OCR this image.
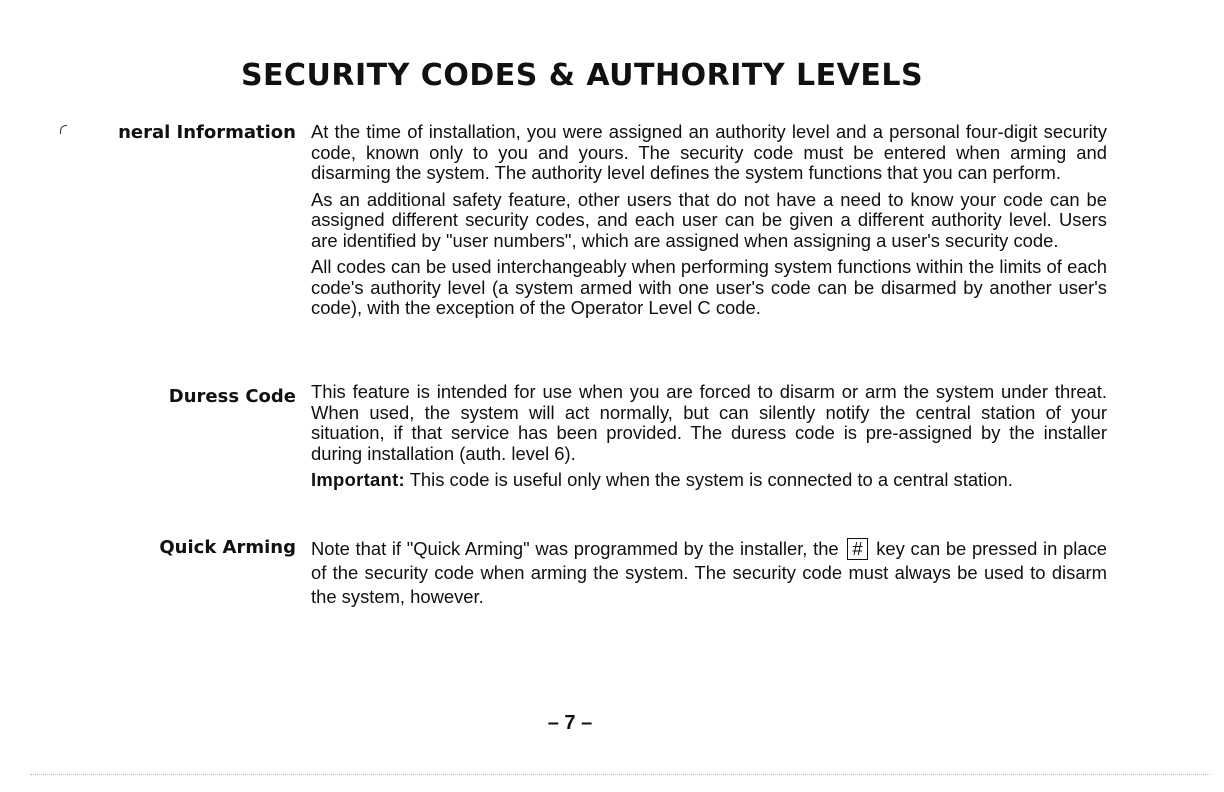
SECURITY CODES & AUTHORITY LEVELS
neral Information At the time of installation, you were assigned an authority level and a personal four-digit security code, known only to you and yours. The security code must be entered when arming and disarming the system. The authority level defines the system functions that you can perform.

As an additional safety feature, other users that do not have a need to know your code can be assigned different security codes, and each user can be given a different authority level. Users are identified by "user numbers", which are assigned when assigning a user's security code.

All codes can be used interchangeably when performing system functions within the limits of each code's authority level (a system armed with one user's code can be disarmed by another user's code), with the exception of the Operator Level C code.

Duress Code This feature is intended for use when you are forced to disarm or arm the system under threat. When used, the system will act normally, but can silently notify the central station of your situation, if that service has been provided. The duress code is pre-assigned by the installer during installation (auth. level 6).

Important: This code is useful only when the system is connected to a central station.

Quick Arming Note that if "Quick Arming" was programmed by the installer, the # key can be pressed in place of the security code when arming the system. The security code must always be used to disarm the system, however.

– 7 –
